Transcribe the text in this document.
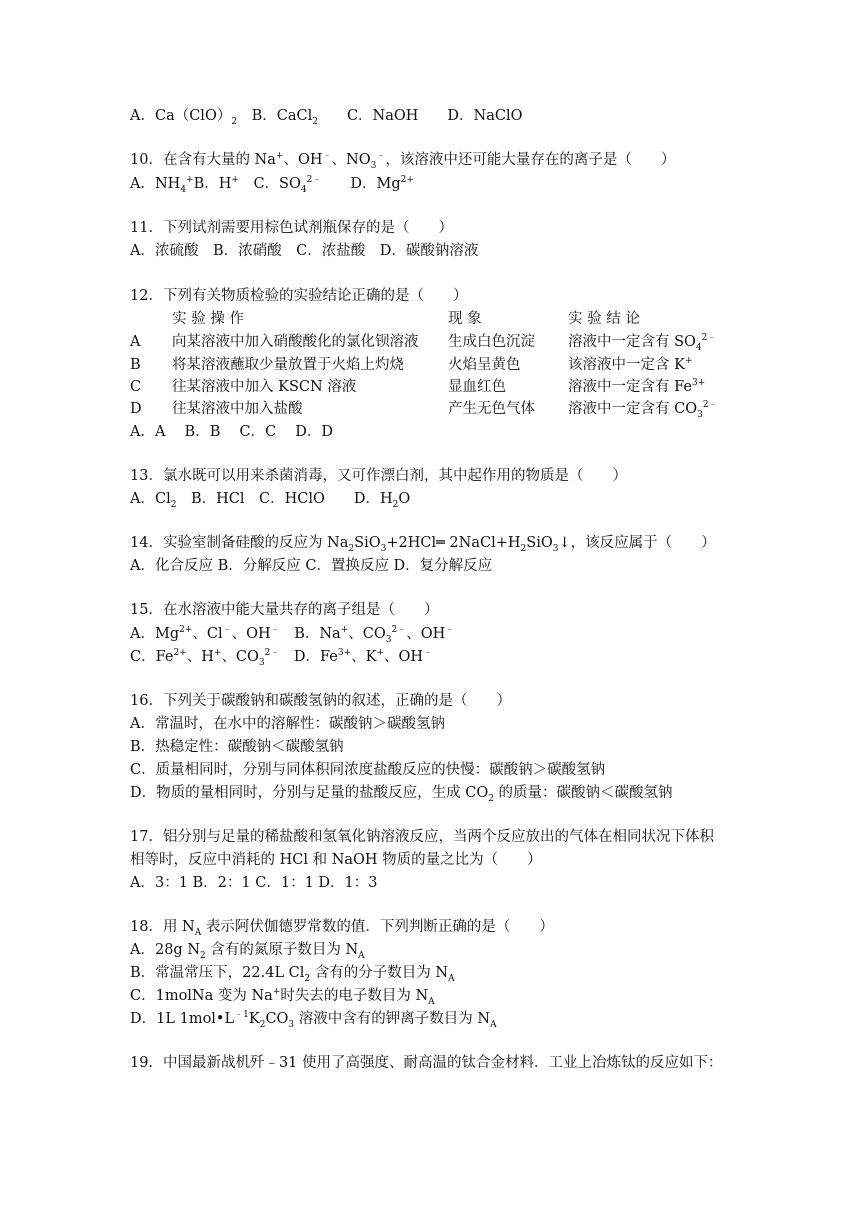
A．$Ca(ClO)_2$　B．CaCl$_2$　　C．NaOH　　D．NaClO
10．在含有大量的 Na+、OH﹣、$NO_3^﹣$，该溶液中还可能大量存在的离子是（　　）
A．$NH_4^+B$．H+　C．$SO_4^{2﹣}$　　D．$Mg^{2+}$
11．下列试剂需要用棕色试剂瓶保存的是（　　）
A．浓硫酸　B．浓硝酸　C．浓盐酸　D．碳酸钠溶液
12．下列有关物质检验的实验结论正确的是（　　）
实 验 操 作	现 象	实 验 结 论
A 向某溶液中加入硝酸酸化的氯化钡溶液 生成白色沉淀 溶液中一定含有 $SO_4^{2﹣}$
B 将某溶液蘸取少量放置于火焰上灼烧	火焰呈黄色	该溶液中一定含 K+
C 往某溶液中加入 KSCN 溶液	显血红色	溶液中一定含有 $Fe^{3+}$
D 往某溶液中加入盐酸	产生无色气体 溶液中一定含有 $CO_3^{2﹣}$
A．A　 B．B　 C．C　 D．D
13．氯水既可以用来杀菌消毒，又可作漂白剂，其中起作用的物质是（　　）
A．$Cl_2$　B．HCl　C．HClO　　D．$H_2O$
14．实验室制备硅酸的反应为 $Na_2SiO_3+2HCl═$ $2NaCl+H_2SiO_3↓$，该反应属于（　　）
A．化合反应 B．分解反应 C．置换反应 D．复分解反应
15．在水溶液中能大量共存的离子组是（　　）
A．$Mg^{2+}$、Cl﹣、OH﹣　B．Na+、$CO_3^{2﹣}$、OH﹣
C．$Fe^{2+}$、H+、$CO_3^{2﹣}$　D．$Fe^{3+}$、K+、OH﹣
16．下列关于碳酸钠和碳酸氢钠的叙述，正确的是（　　）
A．常温时，在水中的溶解性：碳酸钠＞碳酸氢钠
B．热稳定性：碳酸钠＜碳酸氢钠
C．质量相同时，分别与同体积同浓度盐酸反应的快慢：碳酸钠＞碳酸氢钠
D．物质的量相同时，分别与足量的盐酸反应，生成 $CO_2$ 的质量：碳酸钠＜碳酸氢钠
17．铝分别与足量的稀盐酸和氢氧化钠溶液反应，当两个反应放出的气体在相同状况下体积
相等时，反应中消耗的 HCl 和 NaOH 物质的量之比为（　　）
A．3：1 B．2：1 C．1：1 D．1：3
18．用 $N_A$ 表示阿伏伽德罗常数的值．下列判断正确的是（　　）
A．28g $N_2$ 含有的氮原子数目为 $N_A$
B．常温常压下，22.4L $Cl_2$ 含有的分子数目为 $N_A$
C．1molNa 变为 Na+时失去的电子数目为 $N_A$
D．1L $1mol•L^{﹣1}K_2CO_3$ 溶液中含有的钾离子数目为 $N_A$
19．中国最新战机歼﹣31 使用了高强度、耐高温的钛合金材料．工业上冶炼钛的反应如下：
